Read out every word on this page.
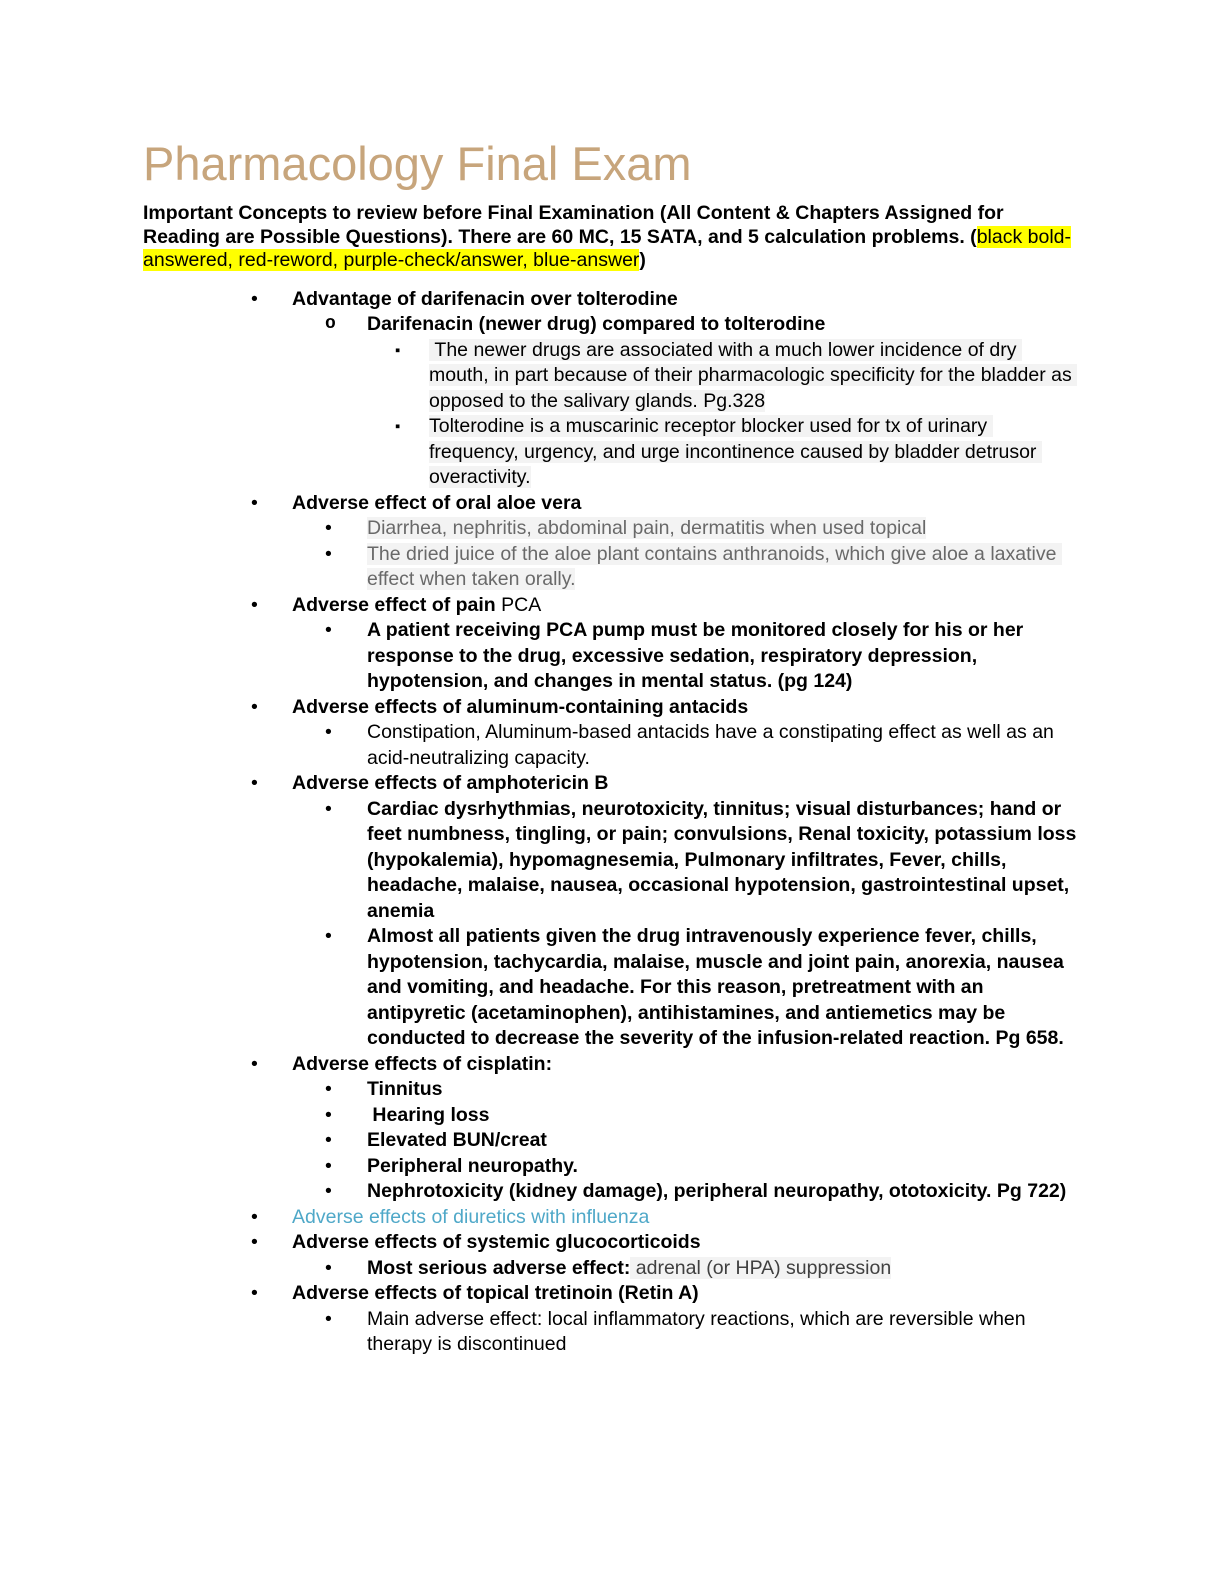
Pharmacology Final Exam

Important Concepts to review before Final Examination (All Content & Chapters Assigned for Reading are Possible Questions). There are 60 MC, 15 SATA, and 5 calculation problems. (black bold-answered, red-reword, purple-check/answer, blue-answer)

•	Advantage of darifenacin over tolterodine
o	Darifenacin (newer drug) compared to tolterodine
▪	The newer drugs are associated with a much lower incidence of dry mouth, in part because of their pharmacologic specificity for the bladder as opposed to the salivary glands. Pg.328
▪	Tolterodine is a muscarinic receptor blocker used for tx of urinary frequency, urgency, and urge incontinence caused by bladder detrusor overactivity.
•	Adverse effect of oral aloe vera
•	Diarrhea, nephritis, abdominal pain, dermatitis when used topical
•	The dried juice of the aloe plant contains anthranoids, which give aloe a laxative effect when taken orally.
•	Adverse effect of pain PCA
•	A patient receiving PCA pump must be monitored closely for his or her response to the drug, excessive sedation, respiratory depression, hypotension, and changes in mental status. (pg 124)
•	Adverse effects of aluminum-containing antacids
•	Constipation, Aluminum-based antacids have a constipating effect as well as an acid-neutralizing capacity.
•	Adverse effects of amphotericin B
•	Cardiac dysrhythmias, neurotoxicity, tinnitus; visual disturbances; hand or feet numbness, tingling, or pain; convulsions, Renal toxicity, potassium loss (hypokalemia), hypomagnesemia, Pulmonary infiltrates, Fever, chills, headache, malaise, nausea, occasional hypotension, gastrointestinal upset, anemia
•	Almost all patients given the drug intravenously experience fever, chills, hypotension, tachycardia, malaise, muscle and joint pain, anorexia, nausea and vomiting, and headache. For this reason, pretreatment with an antipyretic (acetaminophen), antihistamines, and antiemetics may be conducted to decrease the severity of the infusion-related reaction. Pg 658.
•	Adverse effects of cisplatin:
•	Tinnitus
•	Hearing loss
•	Elevated BUN/creat
•	Peripheral neuropathy.
•	Nephrotoxicity (kidney damage), peripheral neuropathy, ototoxicity. Pg 722)
•	Adverse effects of diuretics with influenza
•	Adverse effects of systemic glucocorticoids
•	Most serious adverse effect: adrenal (or HPA) suppression
•	Adverse effects of topical tretinoin (Retin A)
•	Main adverse effect: local inflammatory reactions, which are reversible when therapy is discontinued
